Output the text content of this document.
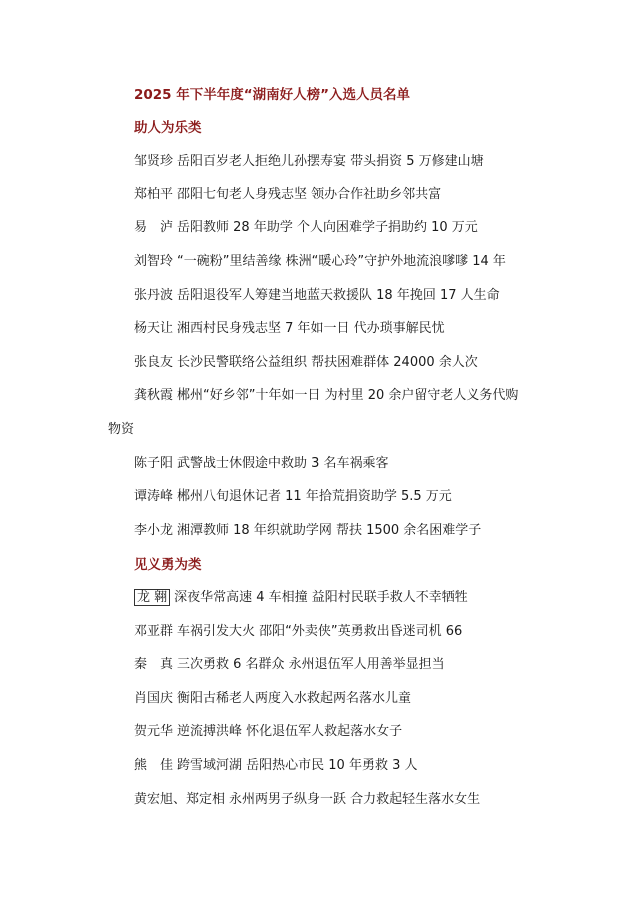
2025 年下半年度“湖南好人榜”入选人员名单
助人为乐类

邹贤珍 岳阳百岁老人拒绝儿孙摆寿宴 带头捐资 5 万修建山塘

郑柏平 邵阳七旬老人身残志坚 领办合作社助乡邻共富

易　泸 岳阳教师 28 年助学 个人向困难学子捐助约 10 万元

刘智玲 “一碗粉”里结善缘 株洲“暖心玲”守护外地流浪嗲嗲 14 年

张丹波 岳阳退役军人筹建当地蓝天救援队 18 年挽回 17 人生命

杨天让 湘西村民身残志坚 7 年如一日 代办琐事解民忧

张良友 长沙民警联络公益组织 帮扶困难群体 24000 余人次

龚秋霞 郴州“好乡邻”十年如一日 为村里 20 余户留守老人义务代购

物资

陈子阳 武警战士休假途中救助 3 名车祸乘客

谭涛峰 郴州八旬退休记者 11 年拾荒捐资助学 5.5 万元

李小龙 湘潭教师 18 年织就助学网 帮扶 1500 余名困难学子

见义勇为类

龙 翱 深夜华常高速 4 车相撞 益阳村民联手救人不幸牺牲

邓亚群 车祸引发大火 邵阳“外卖侠”英勇救出昏迷司机 66

秦　真 三次勇救 6 名群众 永州退伍军人用善举显担当

肖国庆 衡阳古稀老人两度入水救起两名落水儿童

贺元华 逆流搏洪峰 怀化退伍军人救起落水女子

熊　佳 跨雪域河湖 岳阳热心市民 10 年勇救 3 人

黄宏旭、郑定相 永州两男子纵身一跃 合力救起轻生落水女生
